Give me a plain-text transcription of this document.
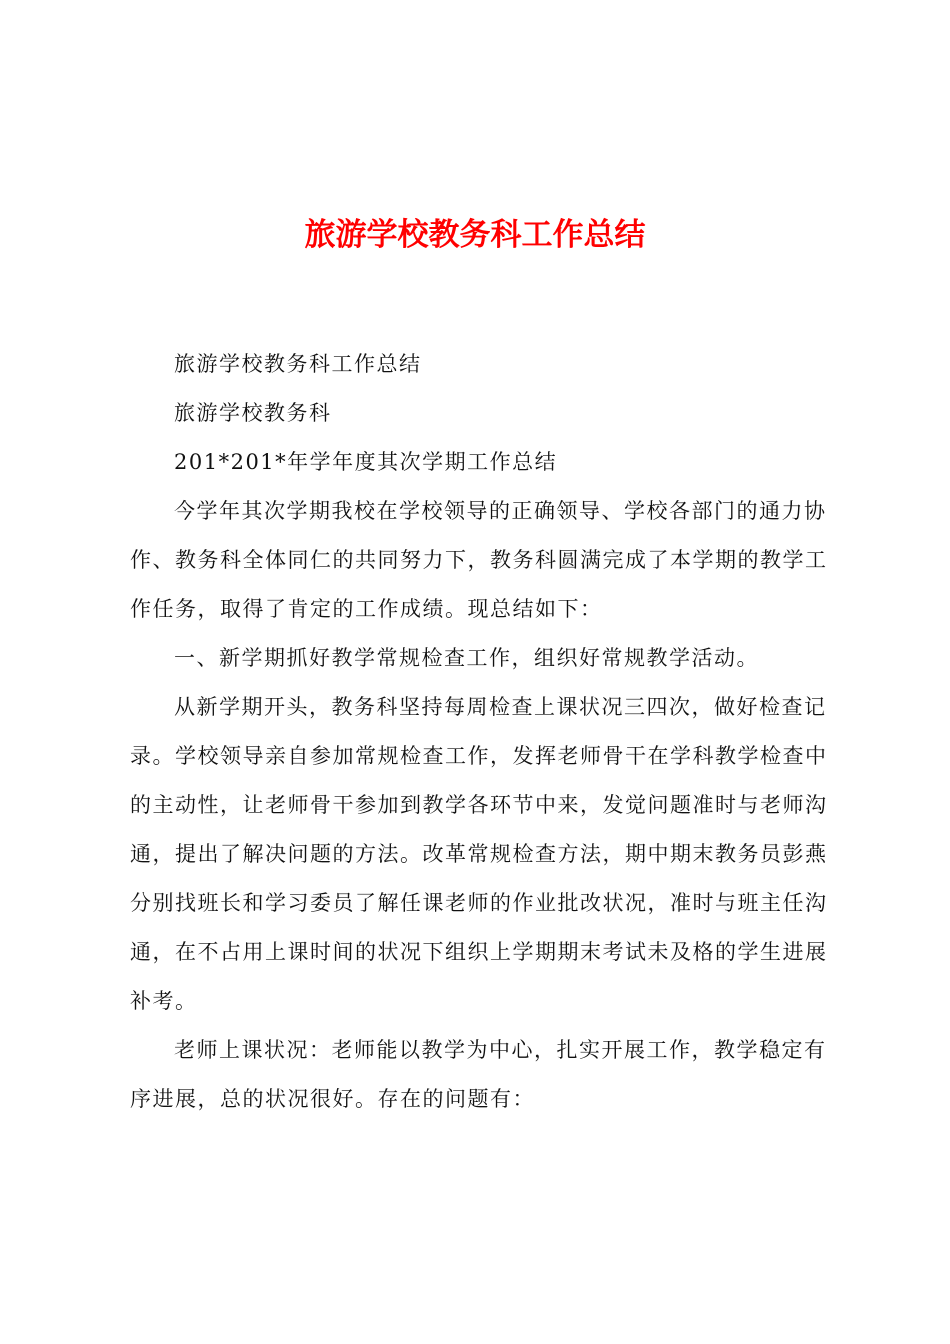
旅游学校教务科工作总结
旅游学校教务科工作总结
旅游学校教务科
201*201*年学年度其次学期工作总结
今学年其次学期我校在学校领导的正确领导、学校各部门的通力协
作、教务科全体同仁的共同努力下，教务科圆满完成了本学期的教学工
作任务，取得了肯定的工作成绩。现总结如下：
一、新学期抓好教学常规检查工作，组织好常规教学活动。
从新学期开头，教务科坚持每周检查上课状况三四次，做好检查记
录。学校领导亲自参加常规检查工作，发挥老师骨干在学科教学检查中
的主动性，让老师骨干参加到教学各环节中来，发觉问题准时与老师沟
通，提出了解决问题的方法。改革常规检查方法，期中期末教务员彭燕
分别找班长和学习委员了解任课老师的作业批改状况，准时与班主任沟
通，在不占用上课时间的状况下组织上学期期末考试未及格的学生进展
补考。
老师上课状况：老师能以教学为中心，扎实开展工作，教学稳定有
序进展，总的状况很好。存在的问题有：
